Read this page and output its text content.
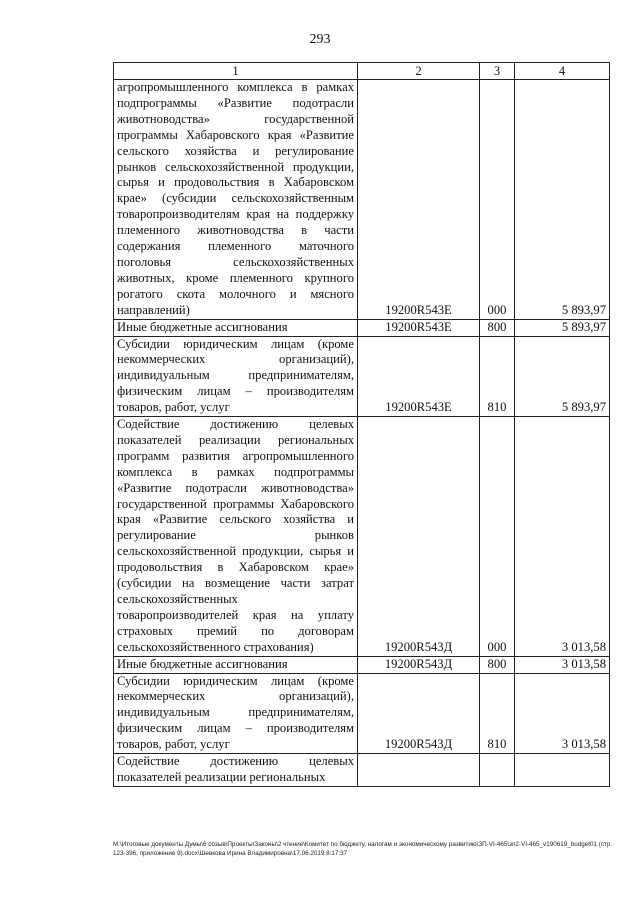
293
1	2	3	4
агропромышленного комплекса в рамках подпрограммы «Развитие подотрасли животноводства» государственной программы Хабаровского края «Развитие сельского хозяйства и регулирование рынков сельскохозяйственной продукции, сырья и продовольствия в Хабаровском крае» (субсидии сельскохозяйственным товаропроизводителям края на поддержку племенного животноводства в части содержания племенного маточного поголовья сельскохозяйственных животных, кроме племенного крупного рогатого скота молочного и мясного направлений)	19200R543Е	000	5 893,97
Иные бюджетные ассигнования	19200R543Е	800	5 893,97
Субсидии юридическим лицам (кроме некоммерческих организаций), индивидуальным предпринимателям, физическим лицам – производителям товаров, работ, услуг	19200R543Е	810	5 893,97
Содействие достижению целевых показателей реализации региональных программ развития агропромышленного комплекса в рамках подпрограммы «Развитие подотрасли животноводства» государственной программы Хабаровского края «Развитие сельского хозяйства и регулирование рынков сельскохозяйственной продукции, сырья и продовольствия в Хабаровском крае» (субсидии на возмещение части затрат сельскохозяйственных товаропроизводителей края на уплату страховых премий по договорам сельскохозяйственного страхования)	19200R543Д	000	3 013,58
Иные бюджетные ассигнования	19200R543Д	800	3 013,58
Субсидии юридическим лицам (кроме некоммерческих организаций), индивидуальным предпринимателям, физическим лицам – производителям товаров, работ, услуг	19200R543Д	810	3 013,58
Содействие достижению целевых показателей реализации региональных			
M:\Итоговые документы Думы\6 созыв\Проекты\Законы\2 чтение\Комитет по бюджету, налогам и экономическому развитию\ЗП-VI-465\зп2-VI-465_v190619_budget01 (стр.123-396, приложение 9).docx\Шевкова Ирина Владимировна\17.06.2019 8:17:37
